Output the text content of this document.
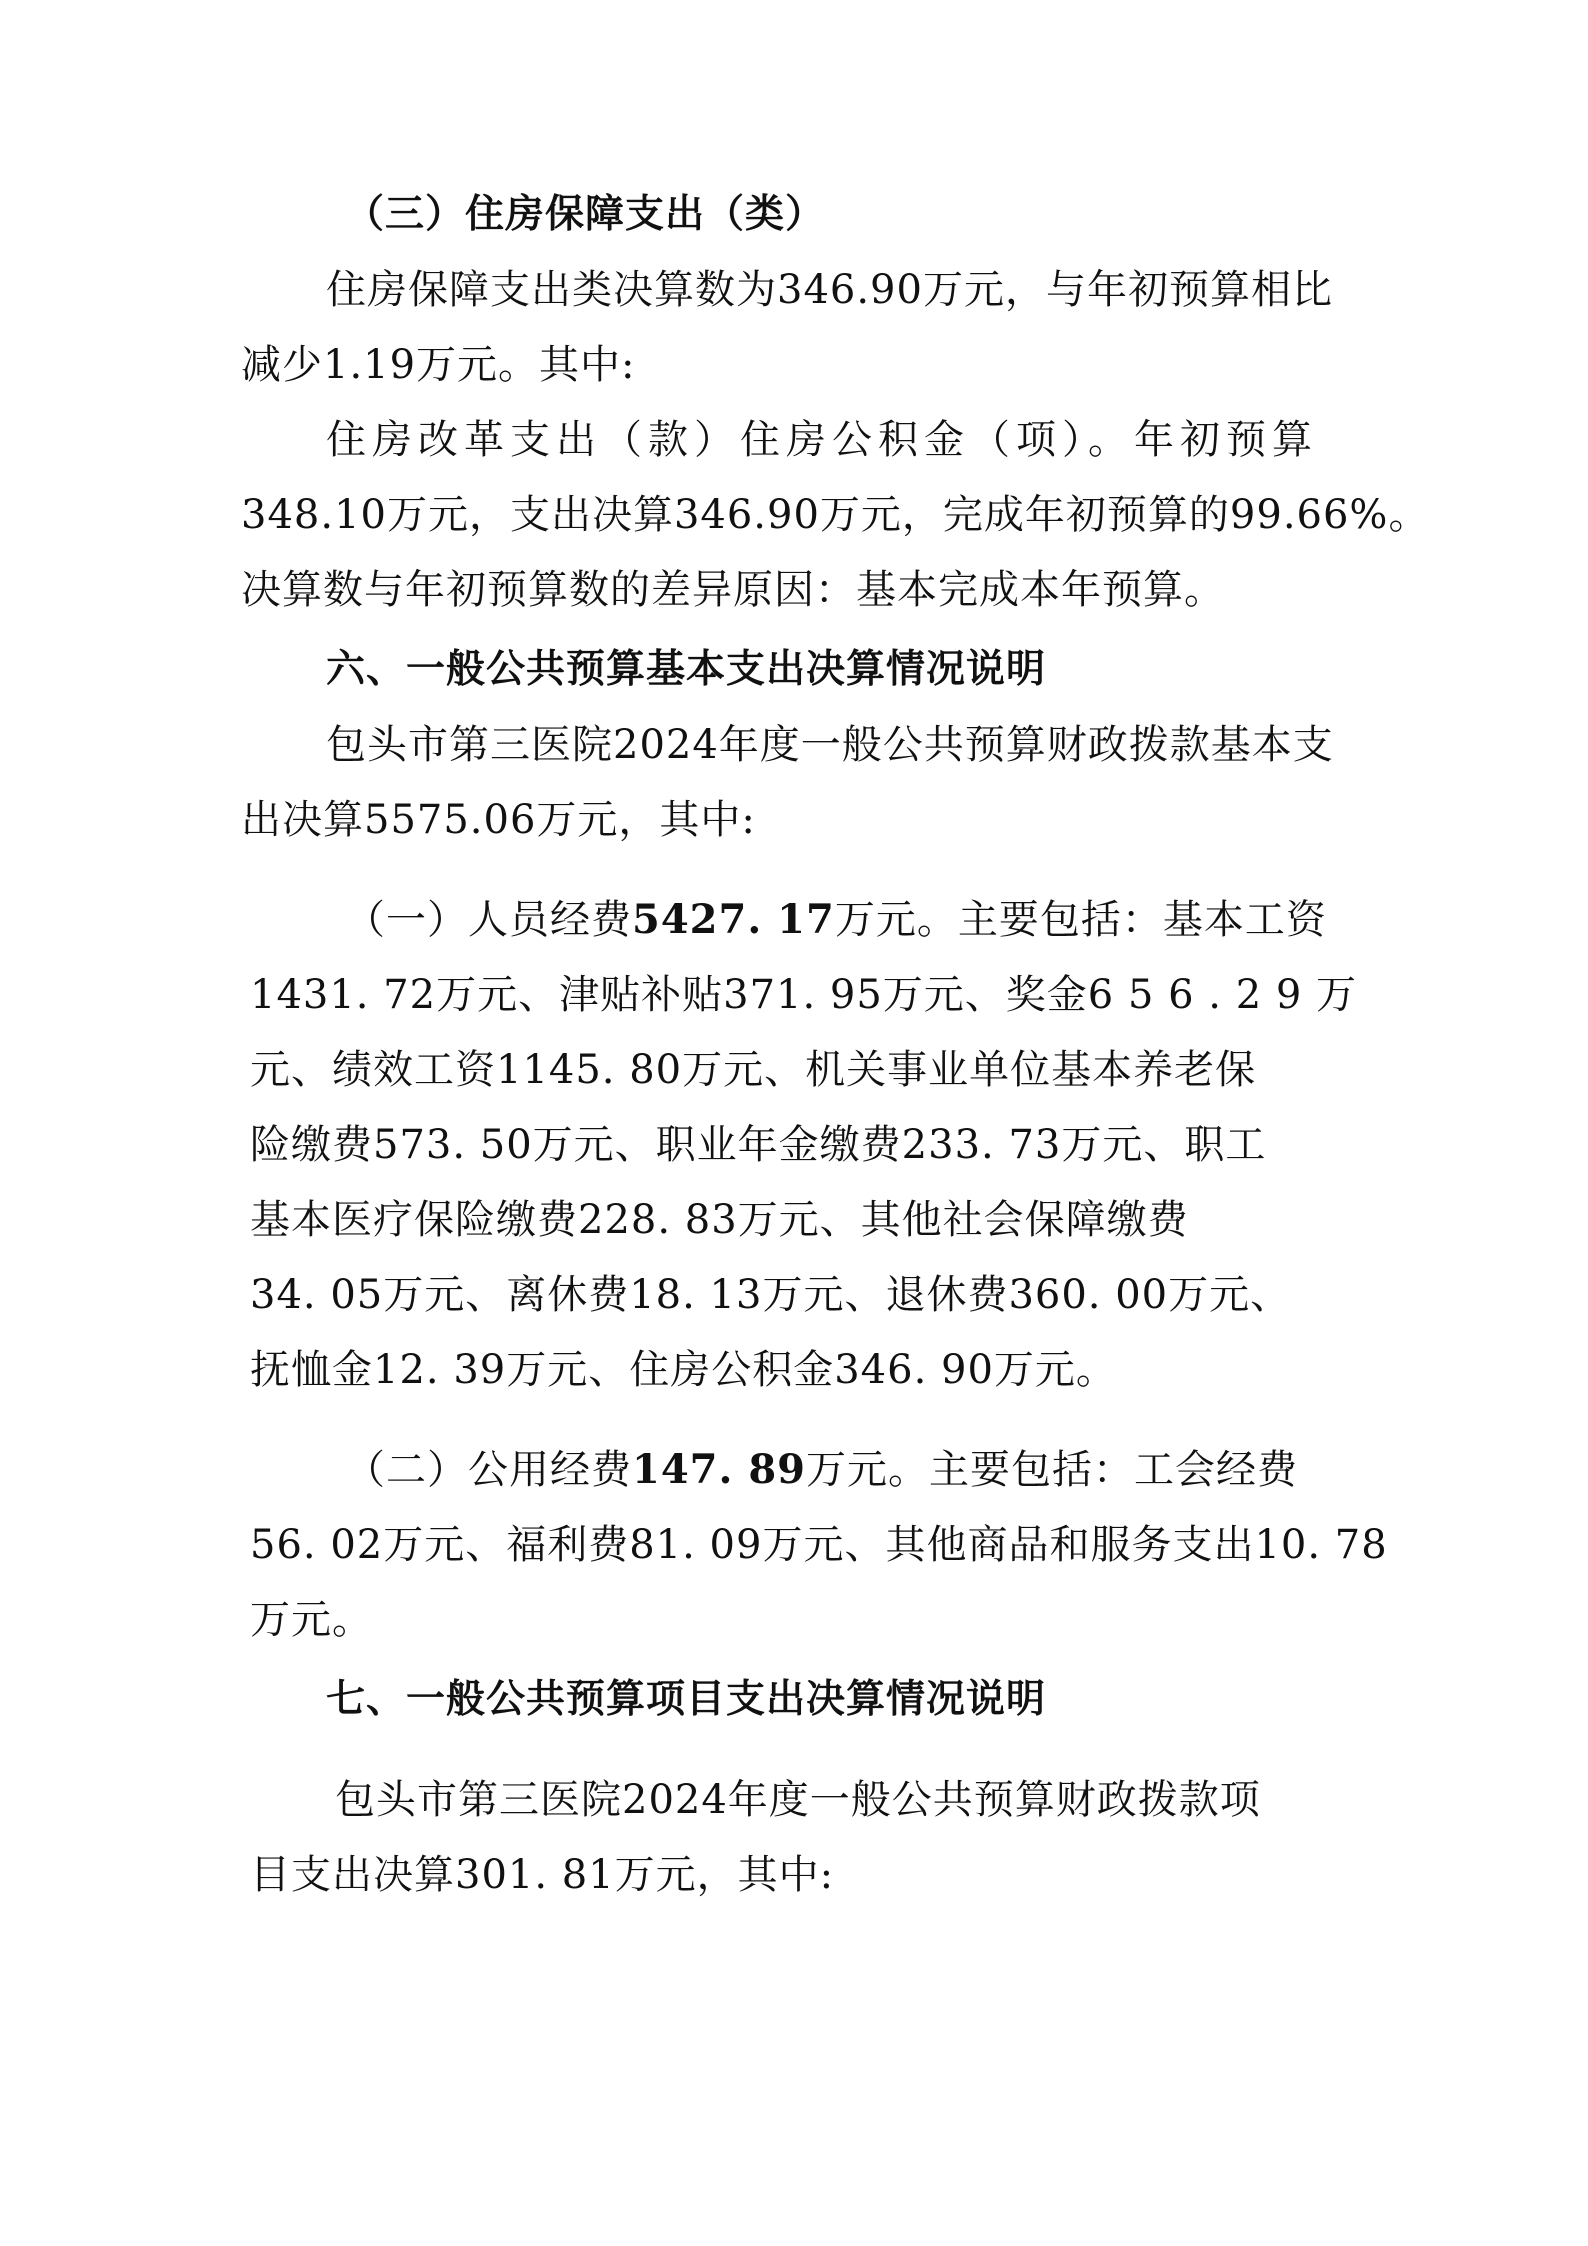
（三）住房保障支出（类）
住房保障支出类决算数为346.90万元，与年初预算相比
减少1.19万元。其中:
住房改革支出（款）住房公积金（项）。年初预算
348.10万元，支出决算346.90万元，完成年初预算的99.66%。
决算数与年初预算数的差异原因：基本完成本年预算。
六、一般公共预算基本支出决算情况说明
包头市第三医院2024年度一般公共预算财政拨款基本支
出决算5575.06万元，其中:
（一）人员经费5427. 17万元。主要包括：基本工资
1431. 72万元、津贴补贴371. 95万元、奖金6 5 6 . 2 9 万
元、绩效工资1145. 80万元、机关事业单位基本养老保
险缴费573. 50万元、职业年金缴费233. 73万元、职工
基本医疗保险缴费228. 83万元、其他社会保障缴费
34. 05万元、离休费18. 13万元、退休费360. 00万元、
抚恤金12. 39万元、住房公积金346. 90万元。
（二）公用经费147. 89万元。主要包括：工会经费
56. 02万元、福利费81. 09万元、其他商品和服务支出10. 78
万元。
七、一般公共预算项目支出决算情况说明
包头市第三医院2024年度一般公共预算财政拨款项
目支出决算301. 81万元，其中:
